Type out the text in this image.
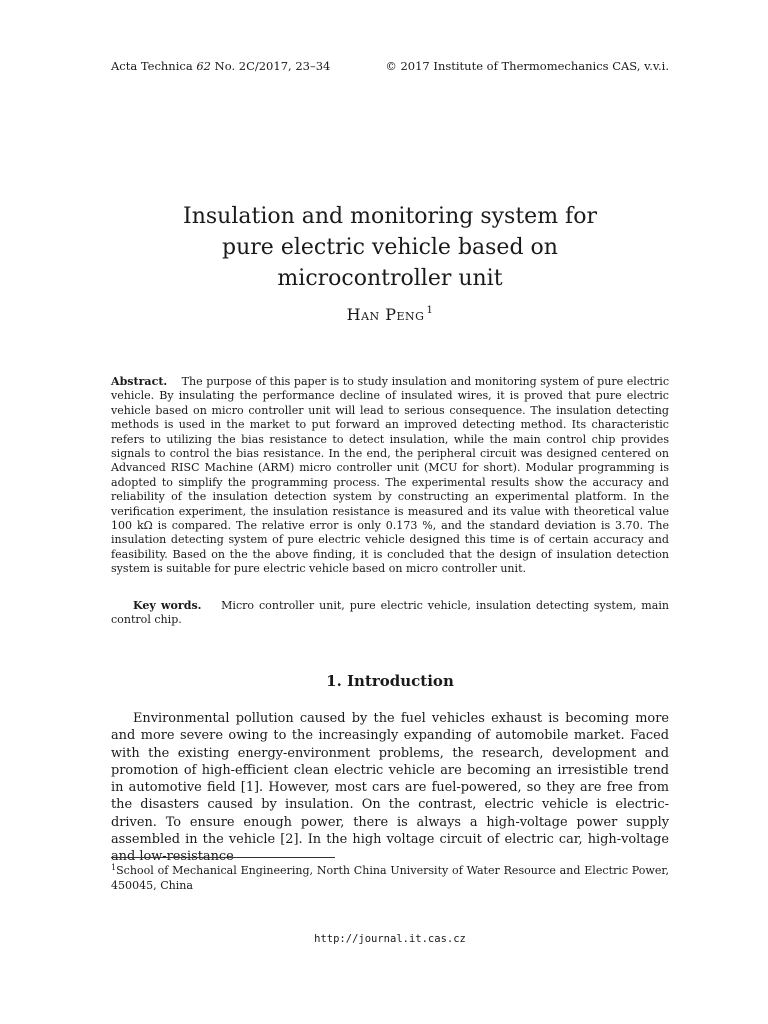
Acta Technica 62 No. 2C/2017, 23–34	© 2017 Institute of Thermomechanics CAS, v.v.i.
Insulation and monitoring system for
pure electric vehicle based on
microcontroller unit
Han Peng $^1$

Abstract. The purpose of this paper is to study insulation and monitoring system of pure electric vehicle. By insulating the performance decline of insulated wires, it is proved that pure electric vehicle based on micro controller unit will lead to serious consequence. The insulation detecting methods is used in the market to put forward an improved detecting method. Its characteristic refers to utilizing the bias resistance to detect insulation, while the main control chip provides signals to control the bias resistance. In the end, the peripheral circuit was designed centered on Advanced RISC Machine (ARM) micro controller unit (MCU for short). Modular programming is adopted to simplify the programming process. The experimental results show the accuracy and reliability of the insulation detection system by constructing an experimental platform. In the verification experiment, the insulation resistance is measured and its value with theoretical value 100 kΩ is compared. The relative error is only 0.173 %, and the standard deviation is 3.70. The insulation detecting system of pure electric vehicle designed this time is of certain accuracy and feasibility. Based on the the above finding, it is concluded that the design of insulation detection system is suitable for pure electric vehicle based on micro controller unit.

Key words. Micro controller unit, pure electric vehicle, insulation detecting system, main control chip.

1. Introduction

Environmental pollution caused by the fuel vehicles exhaust is becoming more and more severe owing to the increasingly expanding of automobile market. Faced with the existing energy-environment problems, the research, development and promotion of high-efficient clean electric vehicle are becoming an irresistible trend in automotive field [1]. However, most cars are fuel-powered, so they are free from the disasters caused by insulation. On the contrast, electric vehicle is electric-driven. To ensure enough power, there is always a high-voltage power supply assembled in the vehicle [2]. In the high voltage circuit of electric car, high-voltage and low-resistance

$^1$School of Mechanical Engineering, North China University of Water Resource and Electric Power, 450045, China

http://journal.it.cas.cz
